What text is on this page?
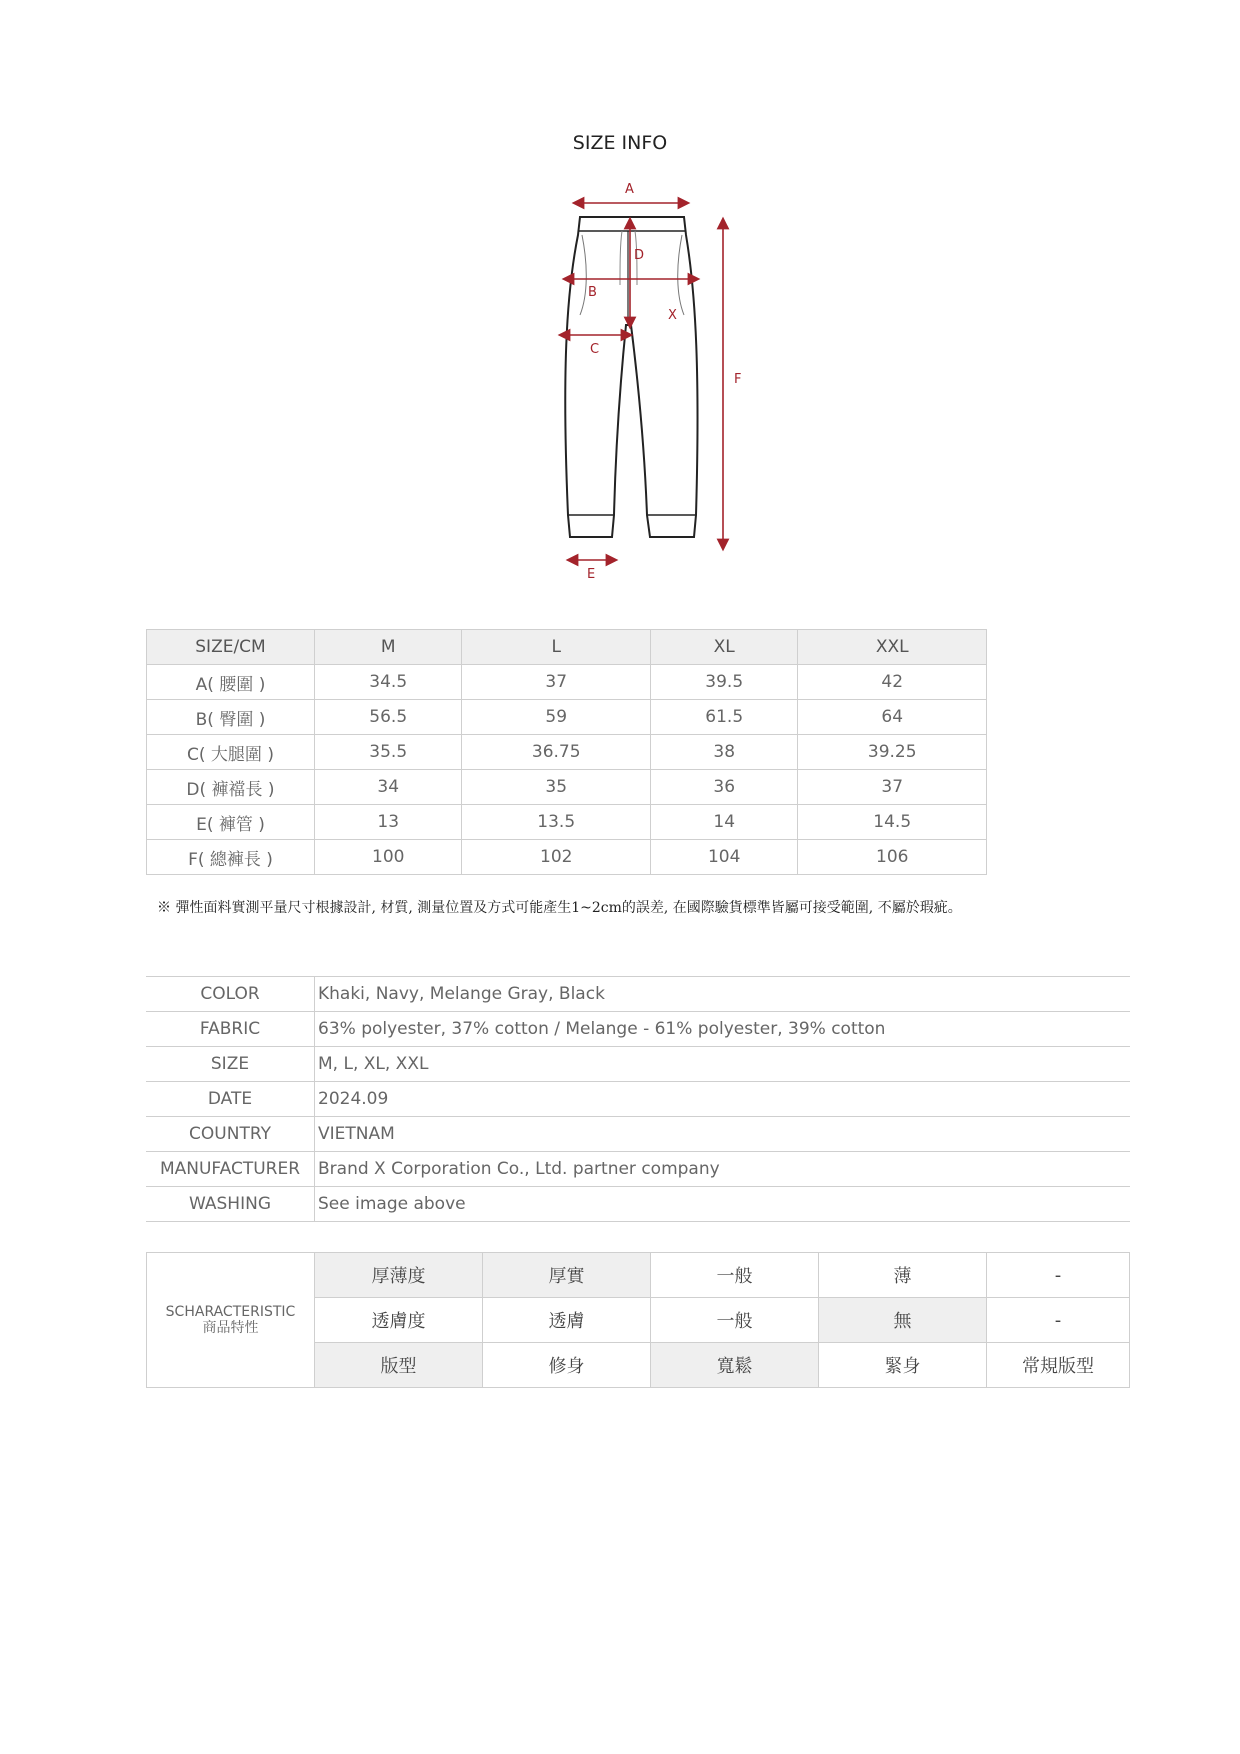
SIZE INFO
X
A
B
C
D
E
F
SIZE/CM	M	L	XL	XXL
A( 腰圍 )	34.5	37	39.5	42
B( 臀圍 )	56.5	59	61.5	64
C( 大腿圍 )	35.5	36.75	38	39.25
D( 褲襠長 )	34	35	36	37
E( 褲管 )	13	13.5	14	14.5
F( 總褲長 )	100	102	104	106
※ 彈性面料實測平量尺寸根據設計, 材質, 測量位置及方式可能產生1~2cm的誤差, 在國際驗貨標準皆屬可接受範圍, 不屬於瑕疵。
COLOR	Khaki, Navy, Melange Gray, Black
FABRIC	63% polyester, 37% cotton / Melange - 61% polyester, 39% cotton
SIZE	M, L, XL, XXL
DATE	2024.09
COUNTRY	VIETNAM
MANUFACTURER	Brand X Corporation Co., Ltd. partner company
WASHING	See image above
SCHARACTERISTIC
商品特性	厚薄度	厚實	一般	薄	-
	透膚度	透膚	一般	無	-
	版型	修身	寬鬆	緊身	常規版型
